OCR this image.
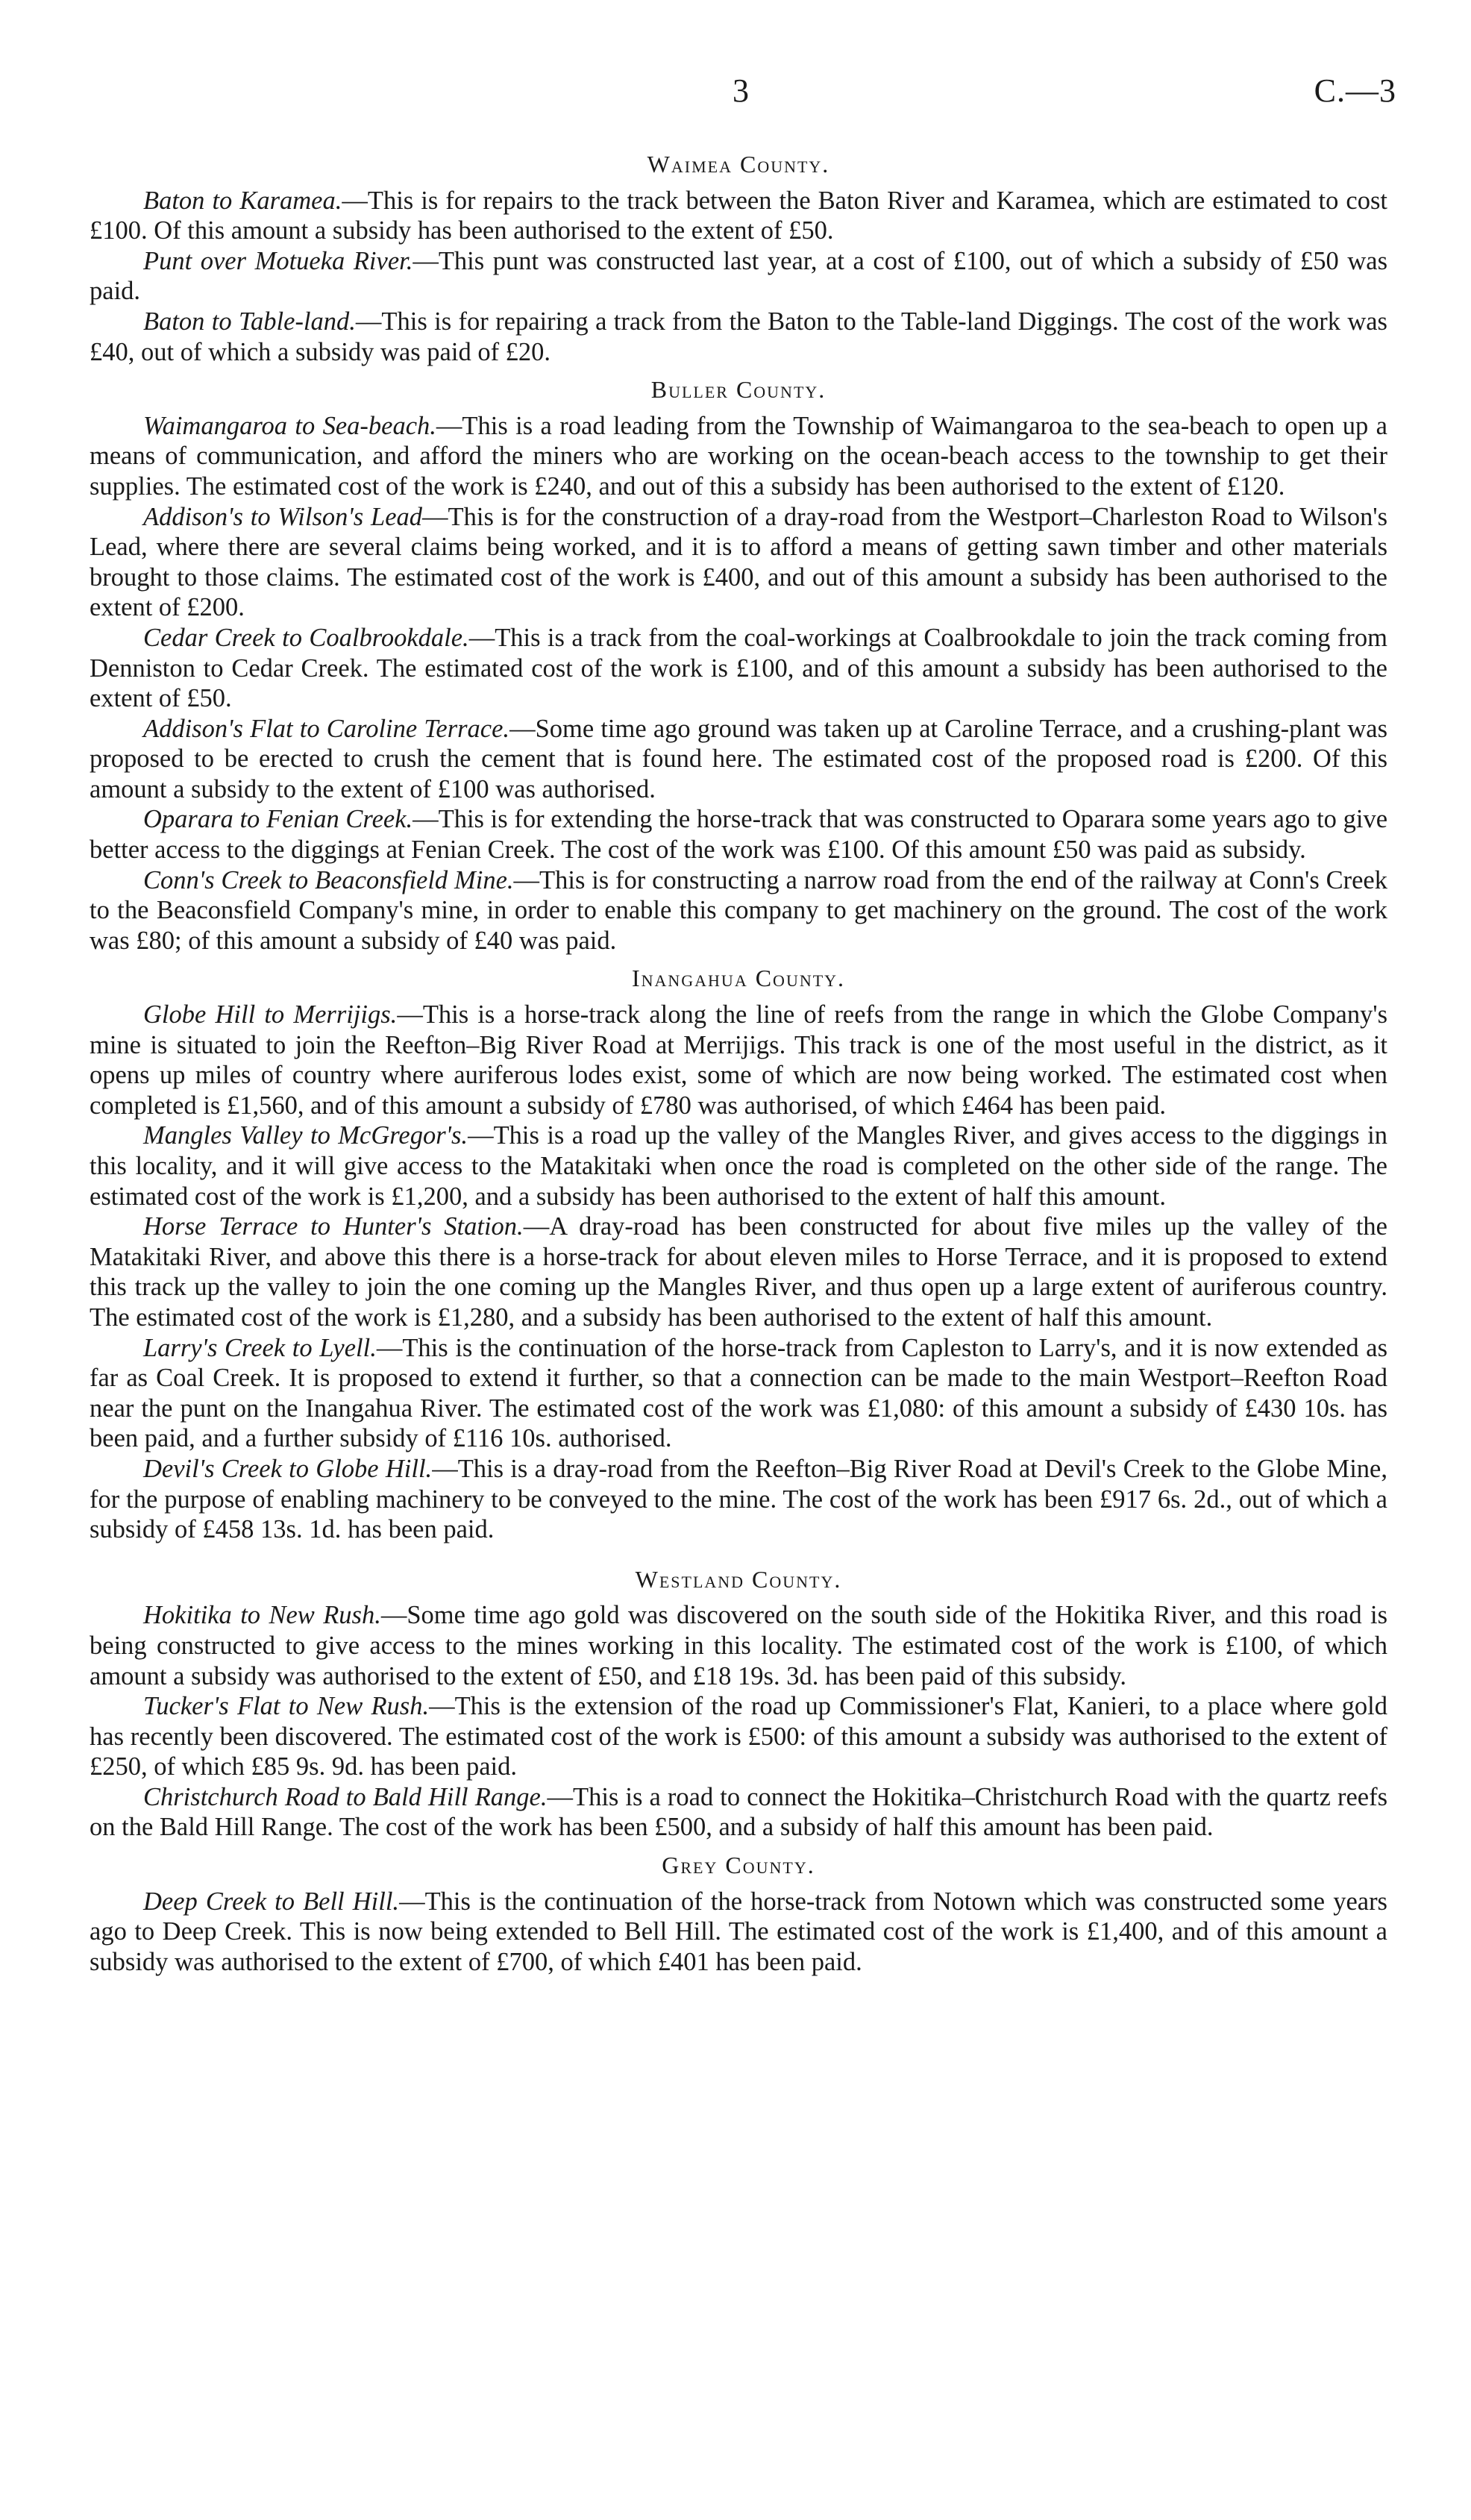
3	C.—3
Waimea County.

Baton to Karamea.—This is for repairs to the track between the Baton River and Karamea, which are estimated to cost £100. Of this amount a subsidy has been authorised to the extent of £50.

Punt over Motueka River.—This punt was constructed last year, at a cost of £100, out of which a subsidy of £50 was paid.

Baton to Table-land.—This is for repairing a track from the Baton to the Table-land Diggings. The cost of the work was £40, out of which a subsidy was paid of £20.

Buller County.

Waimangaroa to Sea-beach.—This is a road leading from the Township of Waimangaroa to the sea-beach to open up a means of communication, and afford the miners who are working on the ocean-beach access to the township to get their supplies. The estimated cost of the work is £240, and out of this a subsidy has been authorised to the extent of £120.

Addison's to Wilson's Lead—This is for the construction of a dray-road from the Westport–Charleston Road to Wilson's Lead, where there are several claims being worked, and it is to afford a means of getting sawn timber and other materials brought to those claims. The estimated cost of the work is £400, and out of this amount a subsidy has been authorised to the extent of £200.

Cedar Creek to Coalbrookdale.—This is a track from the coal-workings at Coalbrookdale to join the track coming from Denniston to Cedar Creek. The estimated cost of the work is £100, and of this amount a subsidy has been authorised to the extent of £50.

Addison's Flat to Caroline Terrace.—Some time ago ground was taken up at Caroline Terrace, and a crushing-plant was proposed to be erected to crush the cement that is found here. The estimated cost of the proposed road is £200. Of this amount a subsidy to the extent of £100 was authorised.

Oparara to Fenian Creek.—This is for extending the horse-track that was constructed to Oparara some years ago to give better access to the diggings at Fenian Creek. The cost of the work was £100. Of this amount £50 was paid as subsidy.

Conn's Creek to Beaconsfield Mine.—This is for constructing a narrow road from the end of the railway at Conn's Creek to the Beaconsfield Company's mine, in order to enable this company to get machinery on the ground. The cost of the work was £80; of this amount a subsidy of £40 was paid.

Inangahua County.

Globe Hill to Merrijigs.—This is a horse-track along the line of reefs from the range in which the Globe Company's mine is situated to join the Reefton–Big River Road at Merrijigs. This track is one of the most useful in the district, as it opens up miles of country where auriferous lodes exist, some of which are now being worked. The estimated cost when completed is £1,560, and of this amount a subsidy of £780 was authorised, of which £464 has been paid.

Mangles Valley to McGregor's.—This is a road up the valley of the Mangles River, and gives access to the diggings in this locality, and it will give access to the Matakitaki when once the road is completed on the other side of the range. The estimated cost of the work is £1,200, and a subsidy has been authorised to the extent of half this amount.

Horse Terrace to Hunter's Station.—A dray-road has been constructed for about five miles up the valley of the Matakitaki River, and above this there is a horse-track for about eleven miles to Horse Terrace, and it is proposed to extend this track up the valley to join the one coming up the Mangles River, and thus open up a large extent of auriferous country. The estimated cost of the work is £1,280, and a subsidy has been authorised to the extent of half this amount.

Larry's Creek to Lyell.—This is the continuation of the horse-track from Capleston to Larry's, and it is now extended as far as Coal Creek. It is proposed to extend it further, so that a connection can be made to the main Westport–Reefton Road near the punt on the Inangahua River. The estimated cost of the work was £1,080: of this amount a subsidy of £430 10s. has been paid, and a further subsidy of £116 10s. authorised.

Devil's Creek to Globe Hill.—This is a dray-road from the Reefton–Big River Road at Devil's Creek to the Globe Mine, for the purpose of enabling machinery to be conveyed to the mine. The cost of the work has been £917 6s. 2d., out of which a subsidy of £458 13s. 1d. has been paid.

Westland County.

Hokitika to New Rush.—Some time ago gold was discovered on the south side of the Hokitika River, and this road is being constructed to give access to the mines working in this locality. The estimated cost of the work is £100, of which amount a subsidy was authorised to the extent of £50, and £18 19s. 3d. has been paid of this subsidy.

Tucker's Flat to New Rush.—This is the extension of the road up Commissioner's Flat, Kanieri, to a place where gold has recently been discovered. The estimated cost of the work is £500: of this amount a subsidy was authorised to the extent of £250, of which £85 9s. 9d. has been paid.

Christchurch Road to Bald Hill Range.—This is a road to connect the Hokitika–Christchurch Road with the quartz reefs on the Bald Hill Range. The cost of the work has been £500, and a subsidy of half this amount has been paid.

Grey County.

Deep Creek to Bell Hill.—This is the continuation of the horse-track from Notown which was constructed some years ago to Deep Creek. This is now being extended to Bell Hill. The estimated cost of the work is £1,400, and of this amount a subsidy was authorised to the extent of £700, of which £401 has been paid.
